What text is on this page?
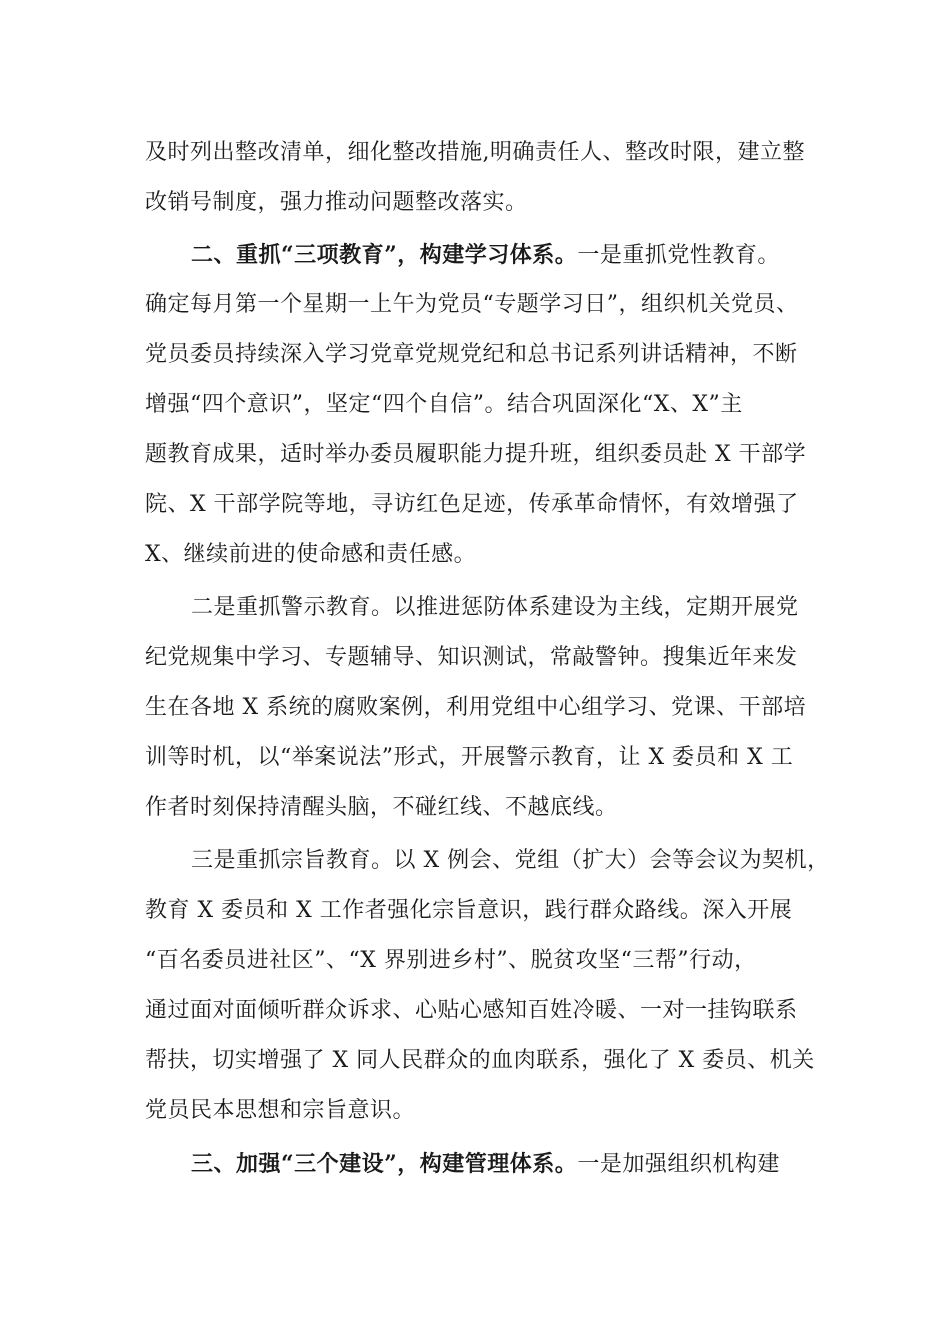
及时列出整改清单，细化整改措施,明确责任人、整改时限，建立整
改销号制度，强力推动问题整改落实。
二、重抓“三项教育”，构建学习体系。一是重抓党性教育。
确定每月第一个星期一上午为党员“专题学习日”，组织机关党员、
党员委员持续深入学习党章党规党纪和总书记系列讲话精神，不断
增强“四个意识”，坚定“四个自信”。结合巩固深化“X、X”主
题教育成果，适时举办委员履职能力提升班，组织委员赴 X 干部学
院、X 干部学院等地，寻访红色足迹，传承革命情怀，有效增强了
X、继续前进的使命感和责任感。
二是重抓警示教育。以推进惩防体系建设为主线，定期开展党
纪党规集中学习、专题辅导、知识测试，常敲警钟。搜集近年来发
生在各地 X 系统的腐败案例，利用党组中心组学习、党课、干部培
训等时机，以“举案说法”形式，开展警示教育，让 X 委员和 X 工
作者时刻保持清醒头脑，不碰红线、不越底线。
三是重抓宗旨教育。以 X 例会、党组（扩大）会等会议为契机，
教育 X 委员和 X 工作者强化宗旨意识，践行群众路线。深入开展
“百名委员进社区”、“X 界别进乡村”、脱贫攻坚“三帮”行动，
通过面对面倾听群众诉求、心贴心感知百姓冷暖、一对一挂钩联系
帮扶，切实增强了 X 同人民群众的血肉联系，强化了 X 委员、机关
党员民本思想和宗旨意识。
三、加强“三个建设”，构建管理体系。一是加强组织机构建
